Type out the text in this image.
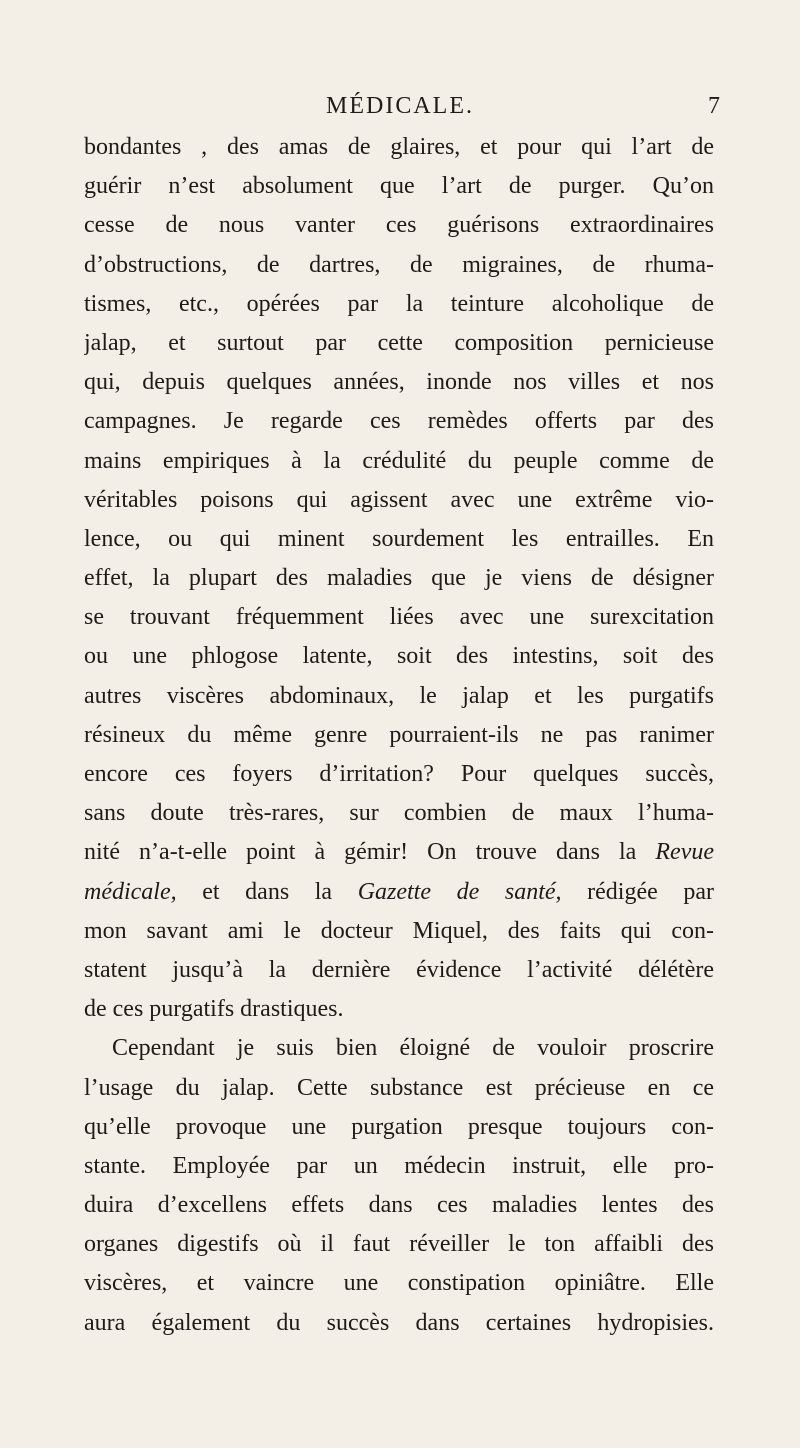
MÉDICALE.	7
bondantes , des amas de glaires, et pour qui l’art de
guérir n’est absolument que l’art de purger. Qu’on
cesse de nous vanter ces guérisons extraordinaires
d’obstructions, de dartres, de migraines, de rhuma-
tismes, etc., opérées par la teinture alcoholique de
jalap, et surtout par cette composition pernicieuse
qui, depuis quelques années, inonde nos villes et nos
campagnes. Je regarde ces remèdes offerts par des
mains empiriques à la crédulité du peuple comme de
véritables poisons qui agissent avec une extrême vio-
lence, ou qui minent sourdement les entrailles. En
effet, la plupart des maladies que je viens de désigner
se trouvant fréquemment liées avec une surexcitation
ou une phlogose latente, soit des intestins, soit des
autres viscères abdominaux, le jalap et les purgatifs
résineux du même genre pourraient-ils ne pas ranimer
encore ces foyers d’irritation? Pour quelques succès,
sans doute très-rares, sur combien de maux l’huma-
nité n’a-t-elle point à gémir! On trouve dans la Revue
médicale, et dans la Gazette de santé, rédigée par
mon savant ami le docteur Miquel, des faits qui con-
statent jusqu’à la dernière évidence l’activité délétère
de ces purgatifs drastiques.
Cependant je suis bien éloigné de vouloir proscrire
l’usage du jalap. Cette substance est précieuse en ce
qu’elle provoque une purgation presque toujours con-
stante. Employée par un médecin instruit, elle pro-
duira d’excellens effets dans ces maladies lentes des
organes digestifs où il faut réveiller le ton affaibli des
viscères, et vaincre une constipation opiniâtre. Elle
aura également du succès dans certaines hydropisies.
